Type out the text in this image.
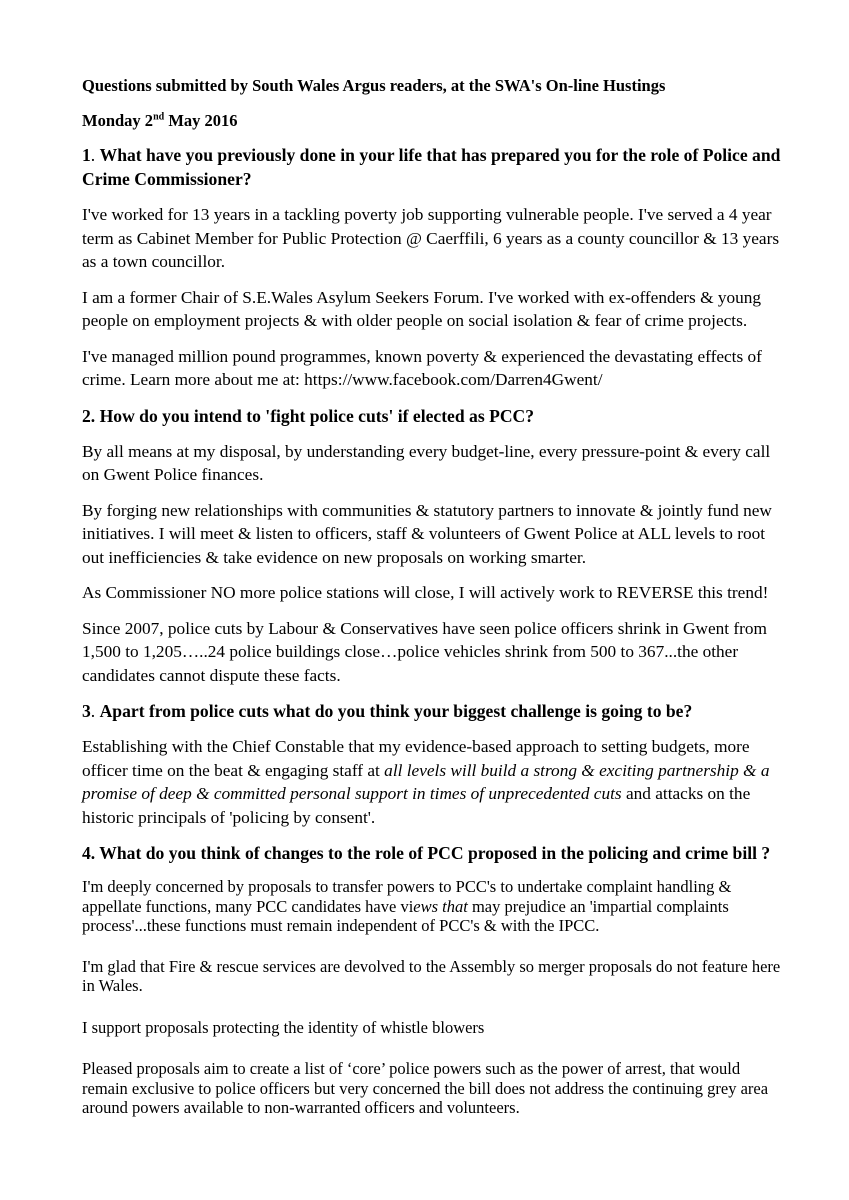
Questions submitted by South Wales Argus readers, at the SWA's On-line Hustings
Monday 2nd May 2016
1. What have you previously done in your life that has prepared you for the role of Police and Crime Commissioner?
I've worked for 13 years in a tackling poverty job supporting vulnerable people. I've served a 4 year term as Cabinet Member for Public Protection @ Caerffili, 6 years as a county councillor & 13 years as a town councillor.
I am a former Chair of S.E.Wales Asylum Seekers Forum. I've worked with ex-offenders & young people on employment projects & with older people on social isolation & fear of crime projects.
I've managed million pound programmes, known poverty & experienced the devastating effects of crime. Learn more about me at: https://www.facebook.com/Darren4Gwent/
2. How do you intend to 'fight police cuts' if elected as PCC?
By all means at my disposal, by understanding every budget-line, every pressure-point & every call on Gwent Police finances.
By forging new relationships with communities & statutory partners to innovate & jointly fund new initiatives. I will meet & listen to officers, staff & volunteers of Gwent Police at ALL levels to root out inefficiencies & take evidence on new proposals on working smarter.
As Commissioner NO more police stations will close, I will actively work to REVERSE this trend!
Since 2007, police cuts by Labour & Conservatives have seen police officers shrink in Gwent from 1,500 to 1,205…..24 police buildings close…police vehicles shrink from 500 to 367...the other candidates cannot dispute these facts.
3. Apart from police cuts what do you think your biggest challenge is going to be?
Establishing with the Chief Constable that my evidence-based approach to setting budgets, more officer time on the beat & engaging staff at all levels will build a strong & exciting partnership & a promise of deep & committed personal support in times of unprecedented cuts and attacks on the historic principals of 'policing by consent'.
4. What do you think of changes to the role of PCC proposed in the policing and crime bill ?
I'm deeply concerned by proposals to transfer powers to PCC's to undertake complaint handling & appellate functions, many PCC candidates have views that may prejudice an 'impartial complaints process'...these functions must remain independent of PCC's & with the IPCC.
I'm glad that Fire & rescue services are devolved to the Assembly so merger proposals do not feature here in Wales.
I support proposals protecting the identity of whistle blowers
Pleased proposals aim to create a list of ‘core’ police powers such as the power of arrest, that would remain exclusive to police officers but very concerned the bill does not address the continuing grey area around powers available to non-warranted officers and volunteers.
